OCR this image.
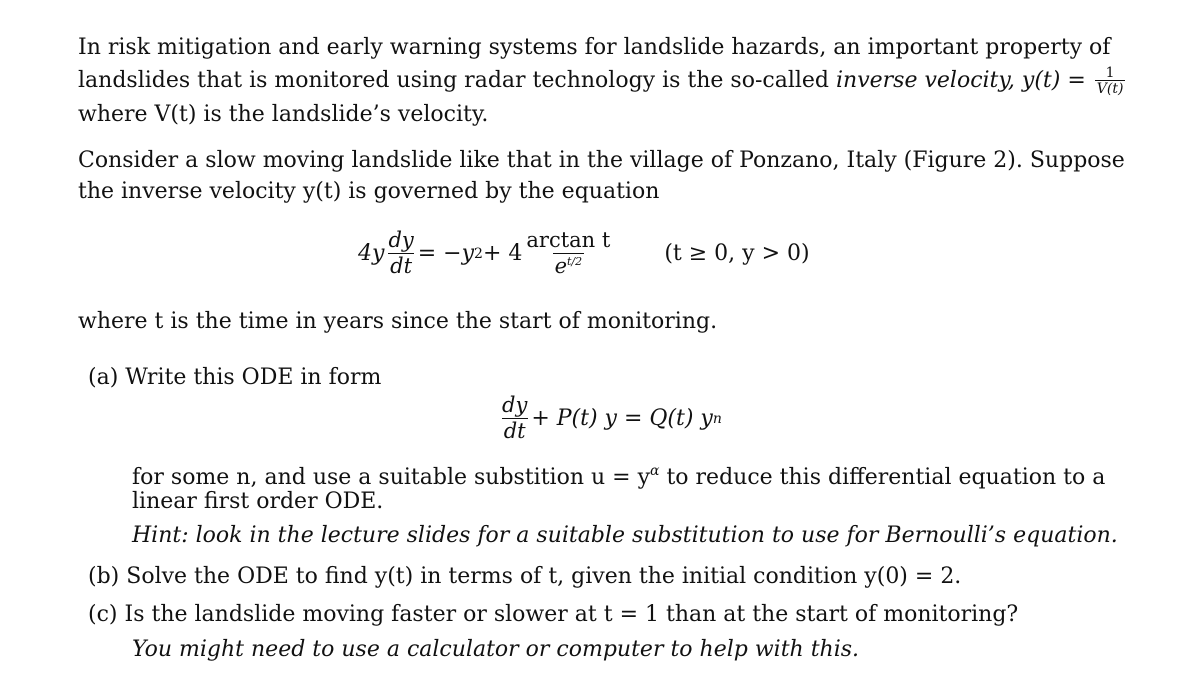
In risk mitigation and early warning systems for landslide hazards, an important property of
landslides that is monitored using radar technology is the so-called inverse velocity, $y(t) = \frac{1}{V(t)}$
where V(t) is the landslide’s velocity.
Consider a slow moving landslide like that in the village of Ponzano, Italy (Figure 2). Suppose
the inverse velocity y(t) is governed by the equation
$4y \frac{dy}{dt} = -y$ $2 + 4 \frac{\text{arctan t}}{e^{t/2}} (t \ge 0$, y > 0)
where t is the time in years since the start of monitoring.
(a) Write this ODE in form
$\frac{dy}{dt} + P(t) y = Q(t)$ y n
for some n, and use a suitable substition $u = y^\alpha$ to reduce this differential equation to a
linear first order ODE.
Hint: look in the lecture slides for a suitable substitution to use for Bernoulli’s equation.
(b) Solve the ODE to find y(t) in terms of t, given the initial condition y(0) = 2.
(c) Is the landslide moving faster or slower at t = 1 than at the start of monitoring?
You might need to use a calculator or computer to help with this.
